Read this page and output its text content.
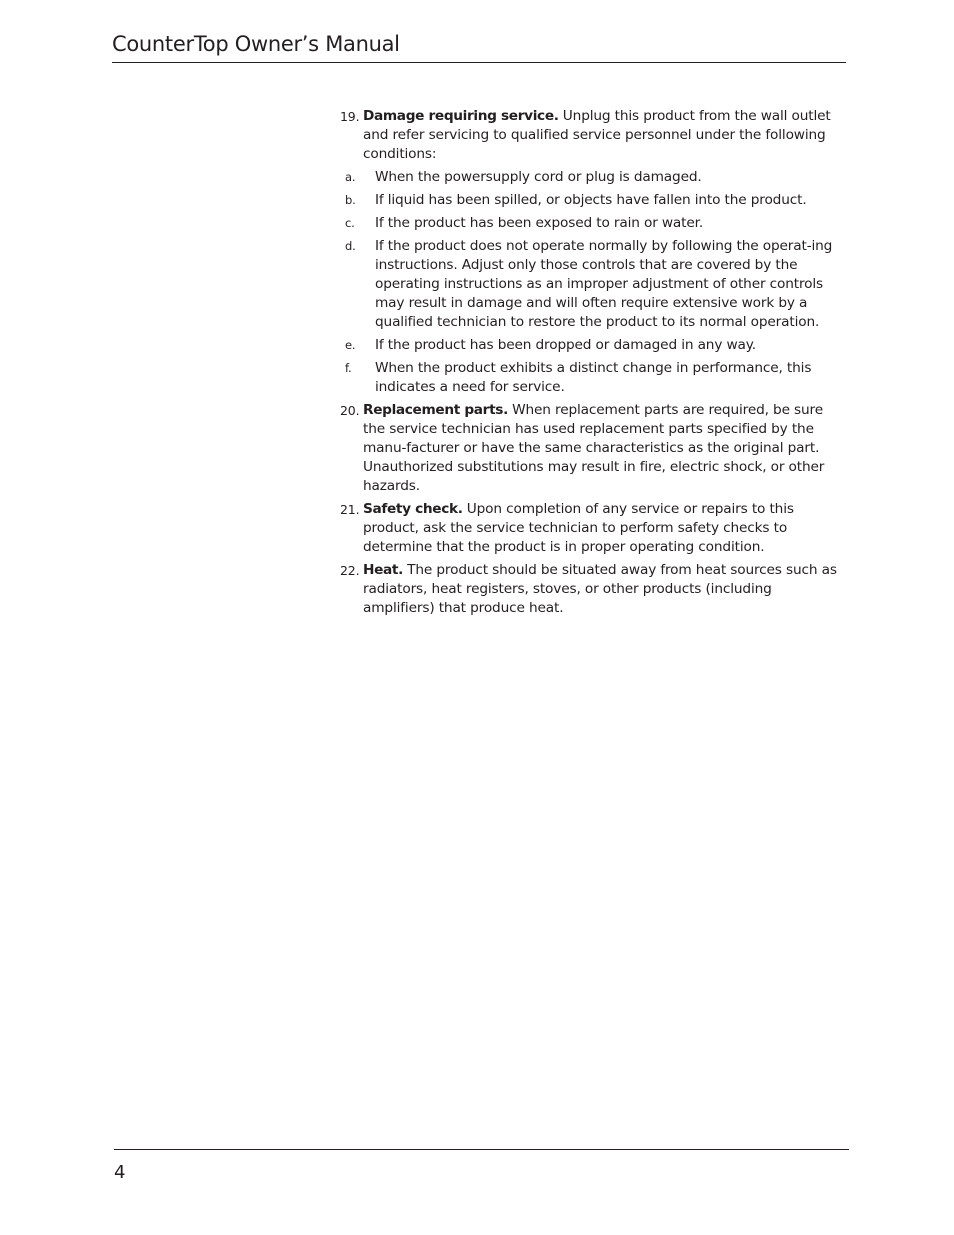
CounterTop Owner’s Manual
19. Damage requiring service. Unplug this product from the wall outlet and refer servicing to qualified service personnel under the following conditions:
a. When the powersupply cord or plug is damaged.
b. If liquid has been spilled, or objects have fallen into the product.
c. If the product has been exposed to rain or water.
d. If the product does not operate normally by following the operat-ing instructions. Adjust only those controls that are covered by the operating instructions as an improper adjustment of other controls may result in damage and will often require extensive work by a qualified technician to restore the product to its normal operation.
e. If the product has been dropped or damaged in any way.
f. When the product exhibits a distinct change in performance, this indicates a need for service.
20. Replacement parts. When replacement parts are required, be sure the service technician has used replacement parts specified by the manu-facturer or have the same characteristics as the original part. Unauthorized substitutions may result in fire, electric shock, or other hazards.
21. Safety check. Upon completion of any service or repairs to this product, ask the service technician to perform safety checks to determine that the product is in proper operating condition.
22. Heat. The product should be situated away from heat sources such as radiators, heat registers, stoves, or other products (including amplifiers) that produce heat.
4
